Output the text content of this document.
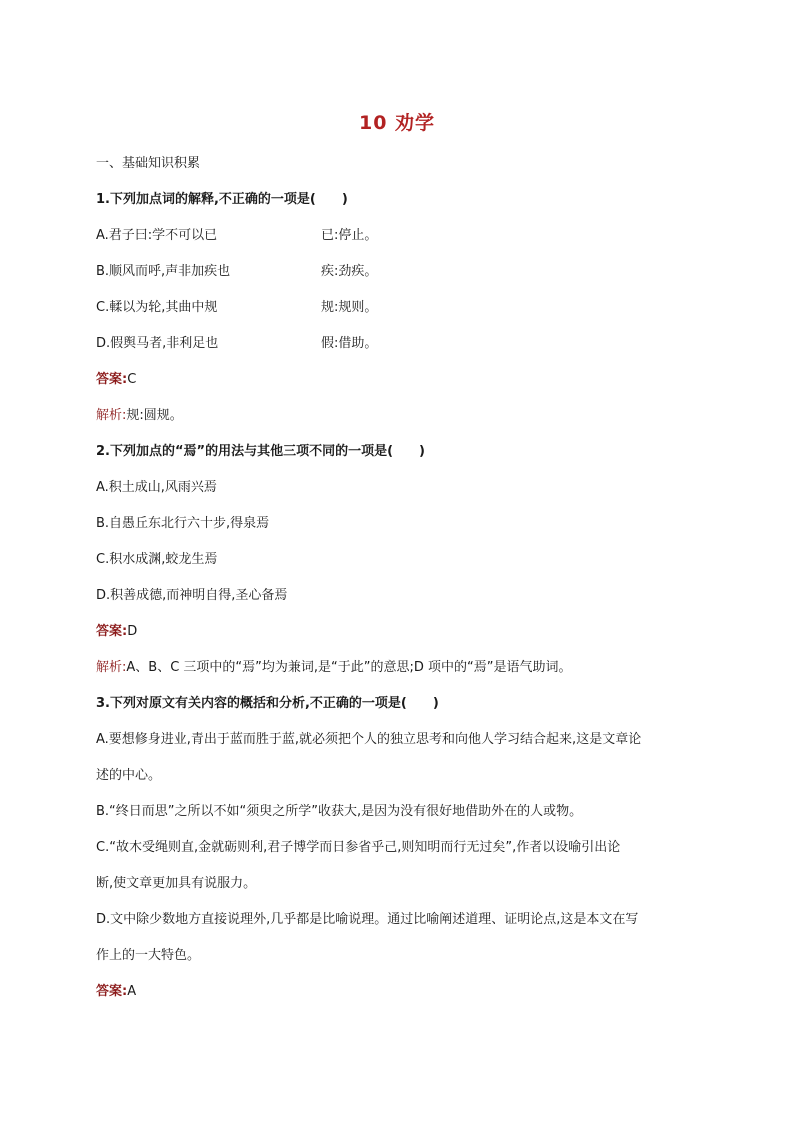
10 劝学
一、基础知识积累
1.下列加点词的解释,不正确的一项是(　　)
A.君子曰:学不可以已	已:停止。
B.顺风而呼,声非加疾也	疾:劲疾。
C.輮以为轮,其曲中规	规:规则。
D.假舆马者,非利足也	假:借助。
答案:C
解析:规:圆规。
2.下列加点的“焉”的用法与其他三项不同的一项是(　　)
A.积土成山,风雨兴焉
B.自愚丘东北行六十步,得泉焉
C.积水成渊,蛟龙生焉
D.积善成德,而神明自得,圣心备焉
答案:D
解析:A、B、C 三项中的“焉”均为兼词,是“于此”的意思;D 项中的“焉”是语气助词。
3.下列对原文有关内容的概括和分析,不正确的一项是(　　)
A.要想修身进业,青出于蓝而胜于蓝,就必须把个人的独立思考和向他人学习结合起来,这是文章论
述的中心。
B.“终日而思”之所以不如“须臾之所学”收获大,是因为没有很好地借助外在的人或物。
C.“故木受绳则直,金就砺则利,君子博学而日参省乎己,则知明而行无过矣”,作者以设喻引出论
断,使文章更加具有说服力。
D.文中除少数地方直接说理外,几乎都是比喻说理。通过比喻阐述道理、证明论点,这是本文在写
作上的一大特色。
答案:A
